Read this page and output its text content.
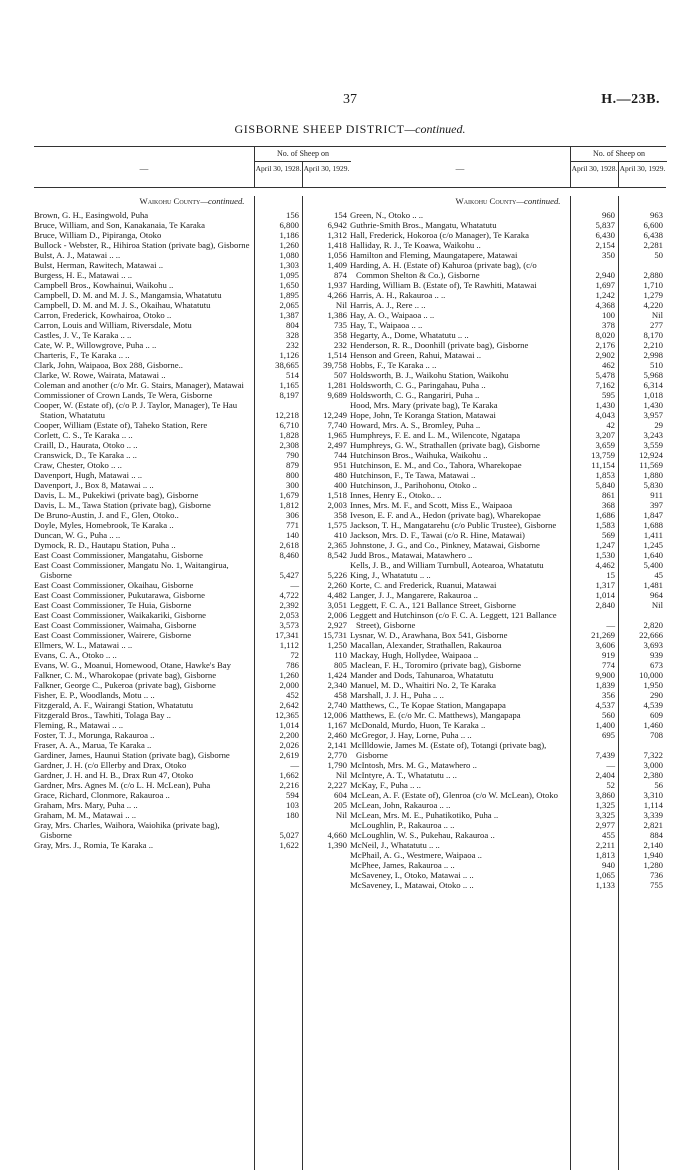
37	H.—23B.
GISBORNE SHEEP DISTRICT—continued.
—
No. of Sheep on
April 30, 1928. April 30, 1929.
Waikohu County—continued.
Brown, G. H., Easingwold, Puha	156	154
Bruce, William, and Son, Kanakanaia, Te Karaka	6,800	6,942
Bruce, William D., Pipiranga, Otoko	1,186	1,312
Bullock - Webster, R., Hihiroa Station (private bag), Gisborne	1,260	1,418
Bulst, A. J., Matawai .. ..	1,080	1,056
Bulst, Herman, Rawitech, Matawai ..	1,303	1,409
Burgess, H. E., Matawai .. ..	1,095	874
Campbell Bros., Kowhainui, Waikohu ..	1,650	1,937
Campbell, D. M. and M. J. S., Mangamsia, Whatatutu	1,895	4,266
Campbell, D. M. and M. J. S., Okaihau, Whatatutu	2,065	Nil
Carron, Frederick, Kowhairoa, Otoko ..	1,387	1,386
Carron, Louis and William, Riversdale, Motu	804	735
Castles, J. V., Te Karaka .. ..	328	358
Cate, W. P., Willowgrove, Puha .. ..	232	232
Charteris, F., Te Karaka .. ..	1,126	1,514
Clark, John, Waipaoa, Box 288, Gisborne..	38,665	39,758
Clarke, W. Rowe, Wairata, Matawai ..	514	507
Coleman and another (c/o Mr. G. Stairs, Manager), Matawai	1,165	1,281
Commissioner of Crown Lands, Te Wera, Gisborne	8,197	9,689
Cooper, W. (Estate of), (c/o P. J. Taylor, Manager), Te Hau Station, Whatatutu	12,218	12,249
Cooper, William (Estate of), Taheko Station, Rere	6,710	7,740
Corlett, C. S., Te Karaka .. ..	1,828	1,965
Craill, D., Haurata, Otoko .. ..	2,308	2,497
Cranswick, D., Te Karaka .. ..	790	744
Craw, Chester, Otoko .. ..	879	951
Davenport, Hugh, Matawai .. ..	800	480
Davenport, J., Box 8, Matawai .. ..	300	400
Davis, L. M., Pukekiwi (private bag), Gisborne	1,679	1,518
Davis, L. M., Tawa Station (private bag), Gisborne	1,812	2,003
De Bruno-Austin, J. and F., Glen, Otoko..	306	358
Doyle, Myles, Homebrook, Te Karaka ..	771	1,575
Duncan, W. G., Puha .. ..	140	410
Dymock, R. D., Hautapu Station, Puha ..	2,618	2,365
East Coast Commissioner, Mangatahu, Gisborne	8,460	8,542
East Coast Commissioner, Mangatu No. 1, Waitangirua, Gisborne	5,427	5,226
East Coast Commissioner, Okaihau, Gisborne	—	2,260
East Coast Commissioner, Pukutarawa, Gisborne	4,722	4,482
East Coast Commissioner, Te Huia, Gisborne	2,392	3,051
East Coast Commissioner, Waikakariki, Gisborne	2,053	2,006
East Coast Commissioner, Waimaha, Gisborne	3,573	2,927
East Coast Commissioner, Wairere, Gisborne	17,341	15,731
Ellmers, W. L., Matawai .. ..	1,112	1,250
Evans, C. A., Otoko .. ..	72	110
Evans, W. G., Moanui, Homewood, Otane, Hawke's Bay	786	805
Falkner, C. M., Wharokopae (private bag), Gisborne	1,260	1,424
Falkner, George C., Pukeroa (private bag), Gisborne	2,000	2,340
Fisher, E. P., Woodlands, Motu .. ..	452	458
Fitzgerald, A. F., Wairangi Station, Whatatutu	2,642	2,740
Fitzgerald Bros., Tawhiti, Tolaga Bay ..	12,365	12,006
Fleming, R., Matawai .. ..	1,014	1,167
Foster, T. J., Morunga, Rakauroa ..	2,200	2,460
Fraser, A. A., Marua, Te Karaka ..	2,026	2,141
Gardiner, James, Haunui Station (private bag), Gisborne	2,619	2,770
Gardner, J. H. (c/o Ellerby and Drax, Otoko	—	1,790
Gardner, J. H. and H. B., Drax Run 47, Otoko	1,662	Nil
Gardner, Mrs. Agnes M. (c/o L. H. McLean), Puha	2,216	2,227
Grace, Richard, Clonmore, Rakauroa ..	594	604
Graham, Mrs. Mary, Puha .. ..	103	205
Graham, M. M., Matawai .. ..	180	Nil
Gray, Mrs. Charles, Waihora, Waiohika (private bag), Gisborne	5,027	4,660
Gray, Mrs. J., Romia, Te Karaka ..	1,622	1,390
—
No. of Sheep on
April 30, 1928. April 30, 1929.
Waikohu County—continued.
Green, N., Otoko .. ..	960	963
Guthrie-Smith Bros., Mangatu, Whatatutu	5,837	6,600
Hall, Frederick, Hokoroa (c/o Manager), Te Karaka	6,430	6,438
Halliday, R. J., Te Koawa, Waikohu ..	2,154	2,281
Hamilton and Fleming, Maungatapere, Matawai	350	50
Harding, A. H. (Estate of) Kahuroa (private bag), (c/o Common Shelton & Co.), Gisborne	2,940	2,880
Harding, William B. (Estate of), Te Rawhiti, Matawai	1,697	1,710
Harris, A. H., Rakauroa .. ..	1,242	1,279
Harris, A. J., Rere .. ..	4,368	4,220
Hay, A. O., Waipaoa .. ..	100	Nil
Hay, T., Waipaoa .. ..	378	277
Hegarty, A., Dome, Whatatutu .. ..	8,020	8,170
Henderson, R. R., Doonhill (private bag), Gisborne	2,176	2,210
Henson and Green, Rahui, Matawai ..	2,902	2,998
Hobbs, F., Te Karaka .. ..	462	510
Holdsworth, B. J., Waikohu Station, Waikohu	5,478	5,968
Holdsworth, C. G., Paringahau, Puha ..	7,162	6,314
Holdsworth, C. G., Rangariri, Puha ..	595	1,018
Hood, Mrs. Mary (private bag), Te Karaka	1,430	1,430
Hope, John, Te Koranga Station, Matawai	4,043	3,957
Howard, Mrs. A. S., Bromley, Puha ..	42	29
Humphreys, F. E. and L. M., Wilencote, Ngatapa	3,207	3,243
Humphreys, G. W., Strathallen (private bag), Gisborne	3,659	3,559
Hutchinson Bros., Waihuka, Waikohu ..	13,759	12,924
Hutchinson, E. M., and Co., Tahora, Wharekopae	11,154	11,569
Hutchinson, F., Te Tawa, Matawai ..	1,853	1,880
Hutchinson, J., Parihohonu, Otoko ..	5,840	5,830
Innes, Henry E., Otoko.. ..	861	911
Innes, Mrs. M. F., and Scott, Miss E., Waipaoa	368	397
Iveson, E. F. and A., Hedon (private bag), Wharekopae	1,686	1,847
Jackson, T. H., Mangatarehu (c/o Public Trustee), Gisborne	1,583	1,688
Jackson, Mrs. D. F., Tawai (c/o R. Hine, Matawai)	569	1,411
Johnstone, J. G., and Co., Pinkney, Matawai, Gisborne	1,247	1,245
Judd Bros., Matawai, Matawhero ..	1,530	1,640
Kells, J. B., and William Turnbull, Aotearoa, Whatatutu	4,462	5,400
King, J., Whatatutu .. ..	15	45
Korte, C. and Frederick, Ruanui, Matawai	1,317	1,481
Langer, J. J., Mangarere, Rakauroa ..	1,014	964
Leggett, F. C. A., 121 Ballance Street, Gisborne	2,840	Nil
Leggett and Hutchinson (c/o F. C. A. Leggett, 121 Ballance Street), Gisborne	—	2,820
Lysnar, W. D., Arawhana, Box 541, Gisborne	21,269	22,666
Macallan, Alexander, Strathallen, Rakauroa	3,606	3,693
Mackay, Hugh, Hollydee, Waipaoa ..	919	939
Maclean, F. H., Toromiro (private bag), Gisborne	774	673
Mander and Dods, Tahunaroa, Whatatutu	9,900	10,000
Manuel, M. D., Whaitiri No. 2, Te Karaka	1,839	1,950
Marshall, J. J. H., Puha .. ..	356	290
Matthews, C., Te Kopae Station, Mangapapa	4,537	4,539
Matthews, E. (c/o Mr. C. Matthews), Mangapapa	560	609
McDonald, Murdo, Huon, Te Karaka ..	1,400	1,460
McGregor, J. Hay, Lorne, Puha .. ..	695	708
McIlldowie, James M. (Estate of), Totangi (private bag), Gisborne	7,439	7,322
McIntosh, Mrs. M. G., Matawhero ..	—	3,000
McIntyre, A. T., Whatatutu .. ..	2,404	2,380
McKay, F., Puha .. ..	52	56
McLean, A. F. (Estate of), Glenroa (c/o W. McLean), Otoko	3,860	3,310
McLean, John, Rakauroa .. ..	1,325	1,114
McLean, Mrs. M. E., Puhatikotiko, Puha ..	3,325	3,339
McLoughlin, P., Rakauroa .. ..	2,977	2,821
McLoughlin, W. S., Pukehau, Rakauroa ..	455	884
McNeil, J., Whatatutu .. ..	2,211	2,140
McPhail, A. G., Westmere, Waipaoa ..	1,813	1,940
McPhee, James, Rakauroa .. ..	940	1,280
McSaveney, I., Otoko, Matawai .. ..	1,065	736
McSaveney, I., Matawai, Otoko .. ..	1,133	755
